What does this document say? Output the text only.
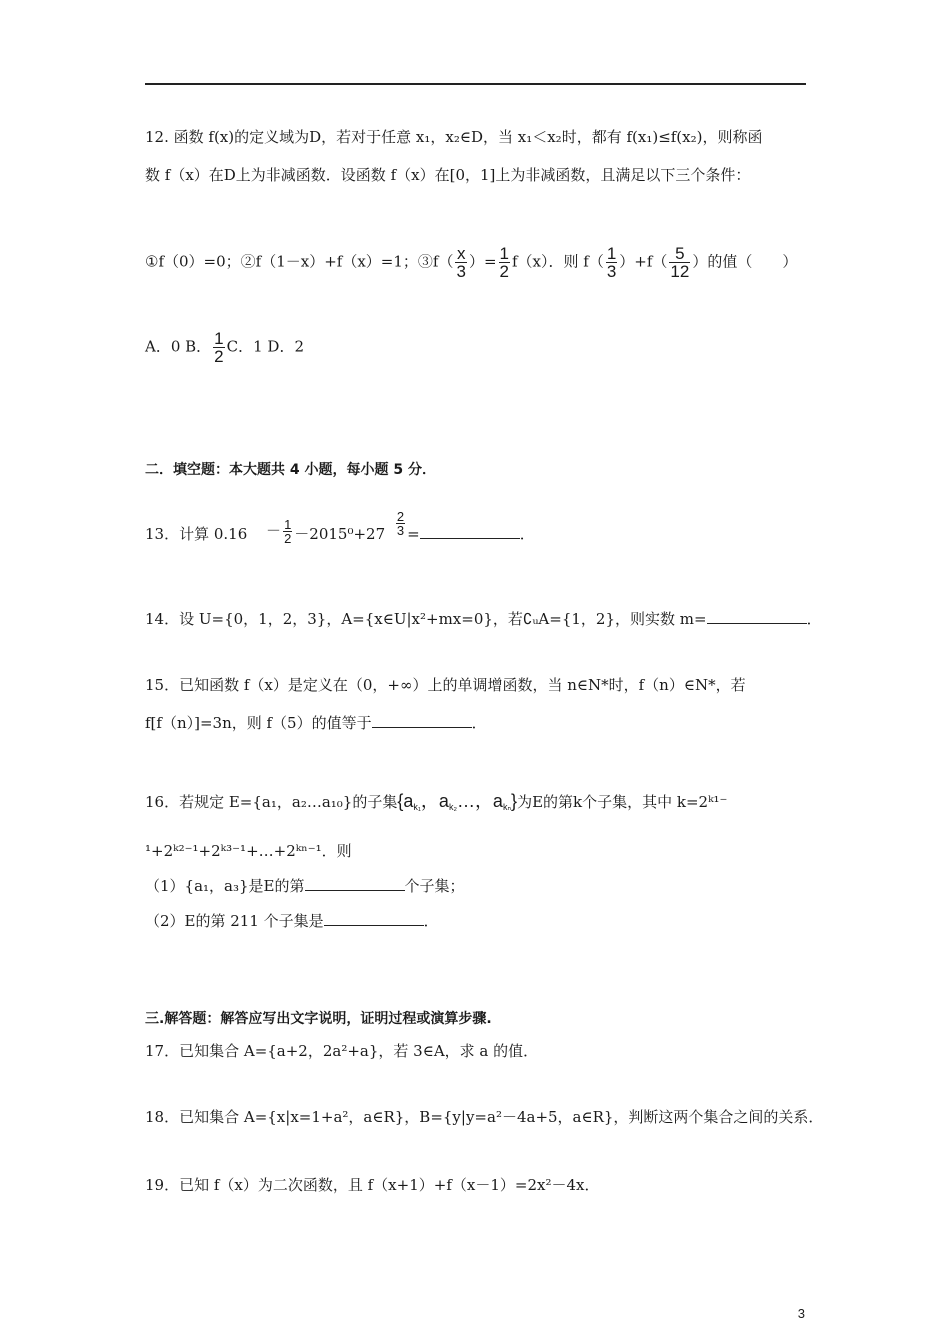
12. 函数 f(x)的定义域为D，若对于任意 x₁，x₂∈D，当 x₁＜x₂时，都有 f(x₁)≤f(x₂)，则称函
数 f（x）在D上为非减函数．设函数 f（x）在[0，1]上为非减函数，且满足以下三个条件：
①f（0）=0；②f（1－x）+f（x）=1；③f（ $\frac{x}{3}$ ）= $\frac{1}{2} f(x)$．则 $f( \frac{1}{3} )+f( \frac{5}{12}$ ）的值（　　）
A．0 B． $\frac{1}{2}$ C．1 D．2
二．填空题：本大题共 4 小题，每小题 5 分．
13．计算 $0.16 - \frac{1}{2} -2015^0+27 \frac{2}{3}$ =	．
14．设 U={0，1，2，3}，A={x∈U|x²+mx=0}，若∁ᵤA={1，2}，则实数 m=	．
15．已知函数 f（x）是定义在（0，+∞）上的单调增函数，当 n∈N*时，f（n）∈N*，若
f[f（n）]=3n，则 f（5）的值等于	．
16．若规定 E={a₁，a₂…a₁₀}的子集{$a_{k_1}$，$a_{k_2}\dots$，$a_{k_n}$}为E的第k个子集，其中 k=2ᵏ¹⁻
¹+2ᵏ²⁻¹+2ᵏ³⁻¹+…+2ᵏⁿ⁻¹．则
（1）{a₁，a₃}是E的第	个子集；
（2）E的第 211 个子集是	．
三.解答题：解答应写出文字说明，证明过程或演算步骤.
17．已知集合 A={a+2，2a²+a}，若 3∈A，求 a 的值．
18．已知集合 A={x|x=1+a²，a∈R}，B={y|y=a²－4a+5，a∈R}，判断这两个集合之间的关系．
19．已知 f（x）为二次函数，且 f（x+1）+f（x－1）=2x²－4x．
3
